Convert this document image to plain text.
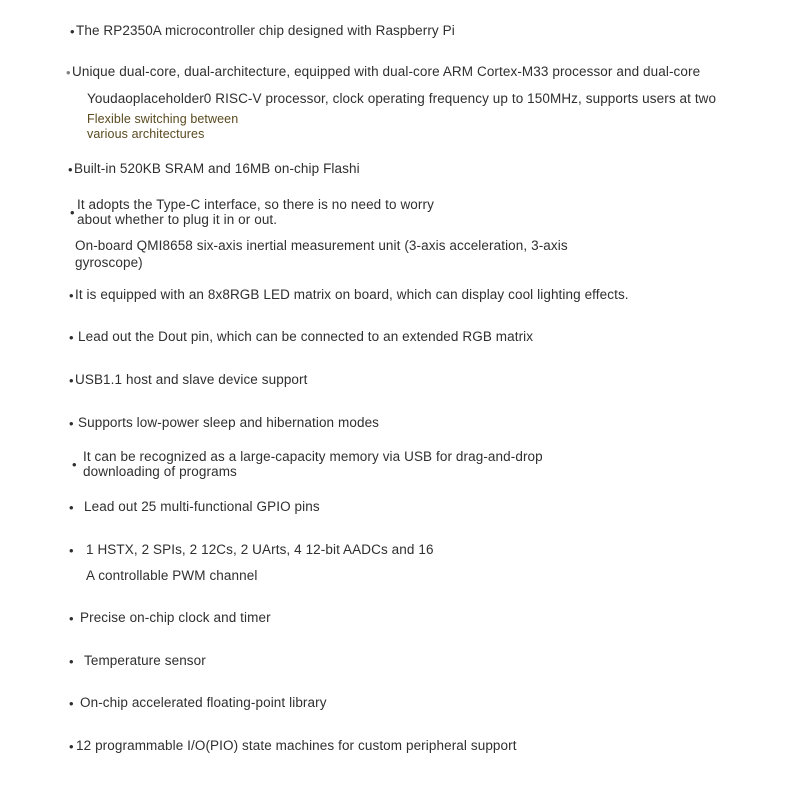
• The RP2350A microcontroller chip designed with Raspberry Pi
• Unique dual-core, dual-architecture, equipped with dual-core ARM Cortex-M33 processor and dual-core
Youdaoplaceholder0 RISC-V processor, clock operating frequency up to 150MHz, supports users at two
Flexible switching between
various architectures
• Built-in 520KB SRAM and 16MB on-chip Flashi
•
It adopts the Type-C interface, so there is no need to worry
about whether to plug it in or out.
On-board QMI8658 six-axis inertial measurement unit (3-axis acceleration, 3-axis
gyroscope)
• It is equipped with an 8x8RGB LED matrix on board, which can display cool lighting effects.
• Lead out the Dout pin, which can be connected to an extended RGB matrix
• USB1.1 host and slave device support
• Supports low-power sleep and hibernation modes
•
It can be recognized as a large-capacity memory via USB for drag-and-drop
downloading of programs
• Lead out 25 multi-functional GPIO pins
• 1 HSTX, 2 SPIs, 2 12Cs, 2 UArts, 4 12-bit AADCs and 16
A controllable PWM channel
• Precise on-chip clock and timer
• Temperature sensor
• On-chip accelerated floating-point library
• 12 programmable I/O(PIO) state machines for custom peripheral support
